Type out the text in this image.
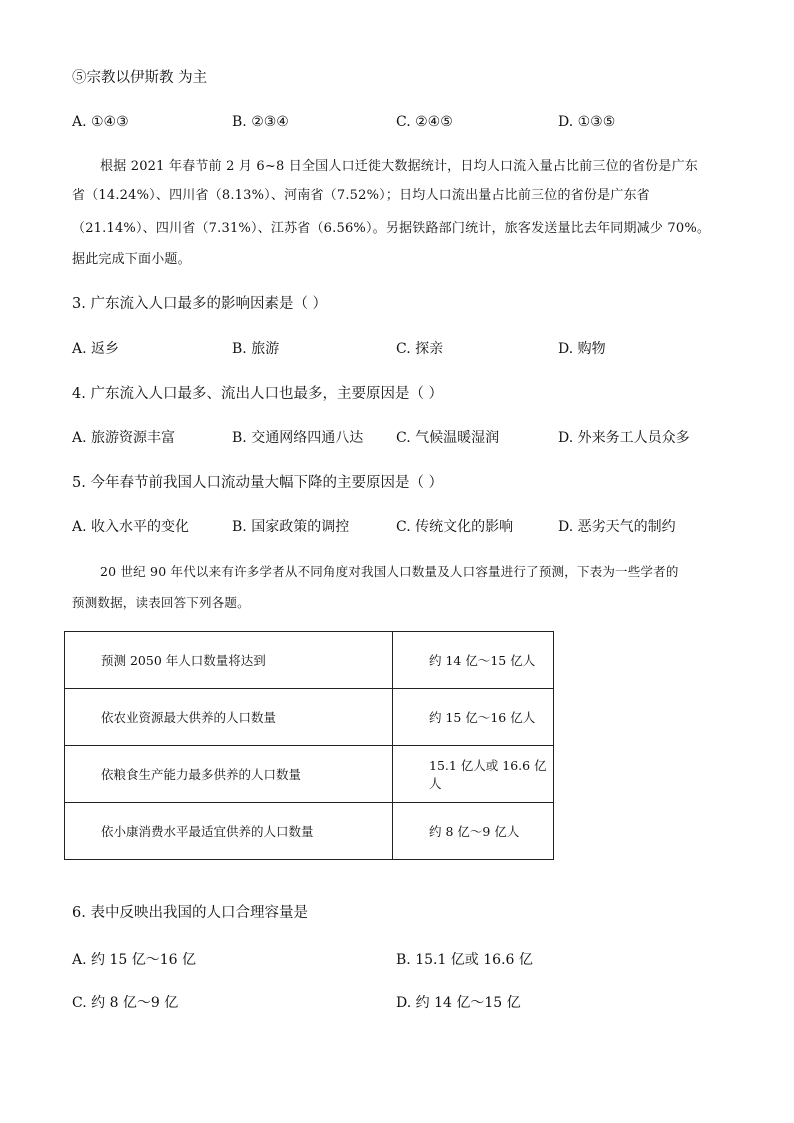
⑤宗教以伊斯教 为主
A. ①④③	B. ②③④	C. ②④⑤	D. ①③⑤
根据 2021 年春节前 2 月 6~8 日全国人口迁徙大数据统计，日均人口流入量占比前三位的省份是广东
省（14.24%）、四川省（8.13%）、河南省（7.52%）；日均人口流出量占比前三位的省份是广东省
（21.14%）、四川省（7.31%）、江苏省（6.56%）。另据铁路部门统计，旅客发送量比去年同期减少 70%。
据此完成下面小题。
3. 广东流入人口最多的影响因素是（ ）
A. 返乡	B. 旅游	C. 探亲	D. 购物
4. 广东流入人口最多、流出人口也最多，主要原因是（ ）
A. 旅游资源丰富	B. 交通网络四通八达 C. 气候温暖湿润	D. 外来务工人员众多
5. 今年春节前我国人口流动量大幅下降的主要原因是（ ）
A. 收入水平的变化	B. 国家政策的调控	C. 传统文化的影响	D. 恶劣天气的制约
20 世纪 90 年代以来有许多学者从不同角度对我国人口数量及人口容量进行了预测，下表为一些学者的
预测数据，读表回答下列各题。
预测 2050 年人口数量将达到	约 14 亿～15 亿人
依农业资源最大供养的人口数量	约 15 亿～16 亿人
依粮食生产能力最多供养的人口数量	15.1 亿人或 16.6 亿人
依小康消费水平最适宜供养的人口数量	约 8 亿～9 亿人
6. 表中反映出我国的人口合理容量是
A. 约 15 亿～16 亿	B. 15.1 亿或 16.6 亿
C. 约 8 亿～9 亿	D. 约 14 亿～15 亿
